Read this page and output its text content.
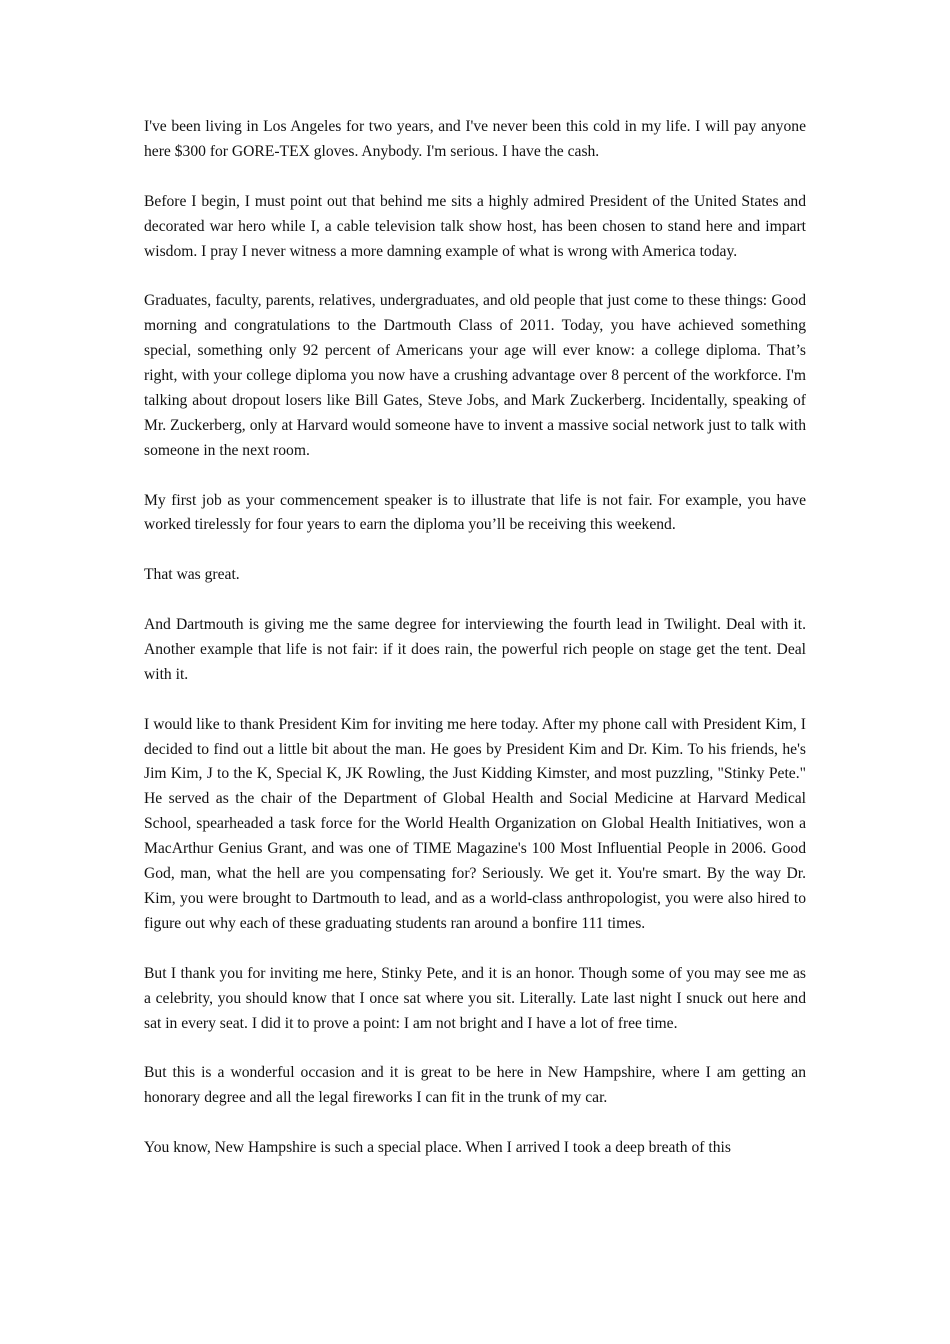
I've been living in Los Angeles for two years, and I've never been this cold in my life. I will pay anyone here $300 for GORE-TEX gloves. Anybody. I'm serious. I have the cash.

Before I begin, I must point out that behind me sits a highly admired President of the United States and decorated war hero while I, a cable television talk show host, has been chosen to stand here and impart wisdom. I pray I never witness a more damning example of what is wrong with America today.

Graduates, faculty, parents, relatives, undergraduates, and old people that just come to these things: Good morning and congratulations to the Dartmouth Class of 2011. Today, you have achieved something special, something only 92 percent of Americans your age will ever know: a college diploma. That’s right, with your college diploma you now have a crushing advantage over 8 percent of the workforce. I'm talking about dropout losers like Bill Gates, Steve Jobs, and Mark Zuckerberg. Incidentally, speaking of Mr. Zuckerberg, only at Harvard would someone have to invent a massive social network just to talk with someone in the next room.

My first job as your commencement speaker is to illustrate that life is not fair. For example, you have worked tirelessly for four years to earn the diploma you’ll be receiving this weekend.

That was great.

And Dartmouth is giving me the same degree for interviewing the fourth lead in Twilight. Deal with it. Another example that life is not fair: if it does rain, the powerful rich people on stage get the tent. Deal with it.

I would like to thank President Kim for inviting me here today. After my phone call with President Kim, I decided to find out a little bit about the man. He goes by President Kim and Dr. Kim. To his friends, he's Jim Kim, J to the K, Special K, JK Rowling, the Just Kidding Kimster, and most puzzling, "Stinky Pete." He served as the chair of the Department of Global Health and Social Medicine at Harvard Medical School, spearheaded a task force for the World Health Organization on Global Health Initiatives, won a MacArthur Genius Grant, and was one of TIME Magazine's 100 Most Influential People in 2006. Good God, man, what the hell are you compensating for? Seriously. We get it. You're smart. By the way Dr. Kim, you were brought to Dartmouth to lead, and as a world-class anthropologist, you were also hired to figure out why each of these graduating students ran around a bonfire 111 times.

But I thank you for inviting me here, Stinky Pete, and it is an honor. Though some of you may see me as a celebrity, you should know that I once sat where you sit. Literally. Late last night I snuck out here and sat in every seat. I did it to prove a point: I am not bright and I have a lot of free time.

But this is a wonderful occasion and it is great to be here in New Hampshire, where I am getting an honorary degree and all the legal fireworks I can fit in the trunk of my car.

You know, New Hampshire is such a special place. When I arrived I took a deep breath of this
